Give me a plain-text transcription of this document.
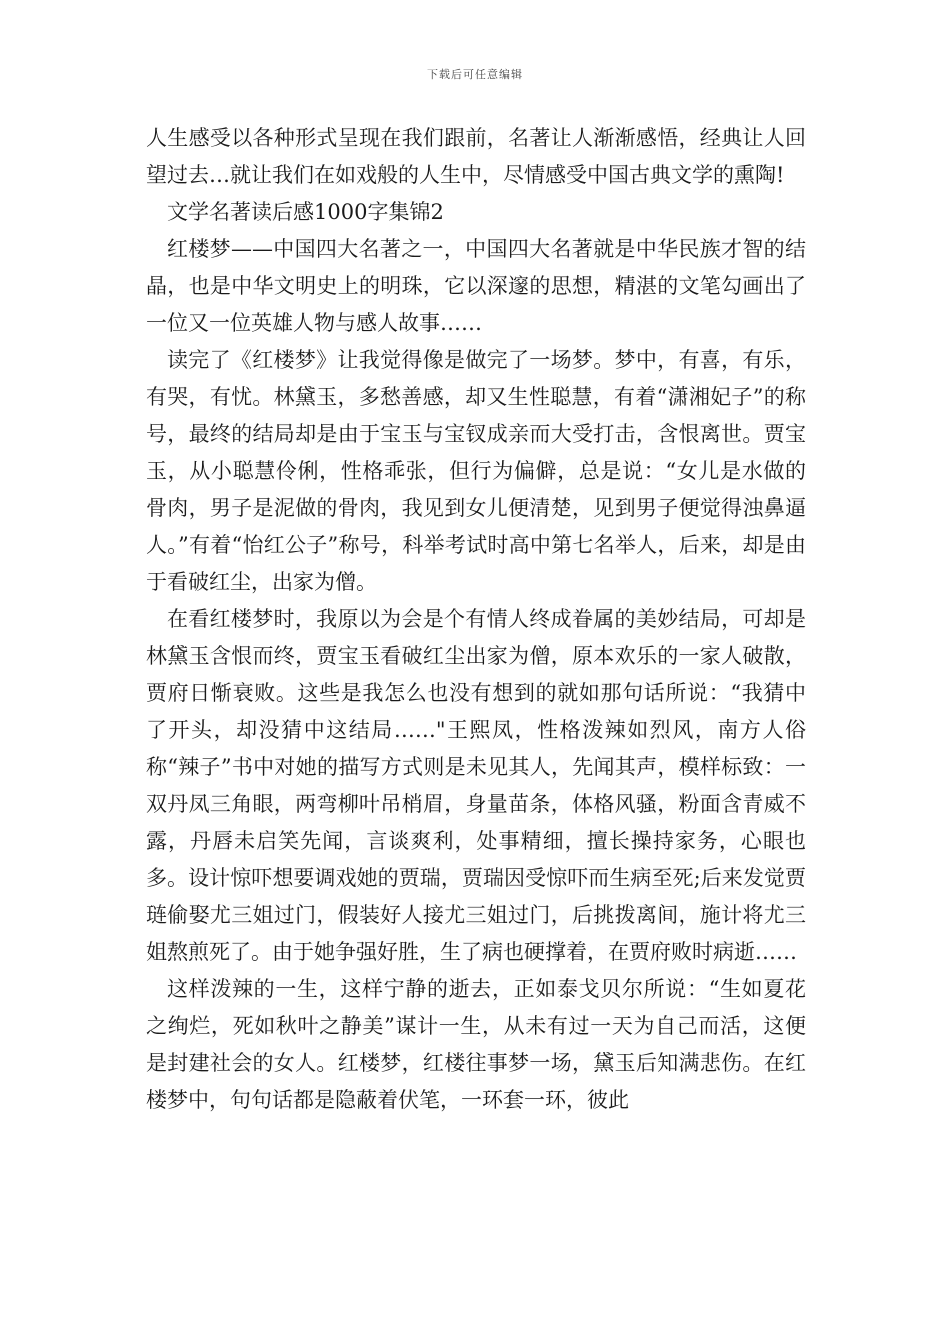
下载后可任意编辑

人生感受以各种形式呈现在我们跟前，名著让人渐渐感悟，经典让人回望过去…就让我们在如戏般的人生中，尽情感受中国古典文学的熏陶!

文学名著读后感1000字集锦2

红楼梦——中国四大名著之一，中国四大名著就是中华民族才智的结晶，也是中华文明史上的明珠，它以深邃的思想，精湛的文笔勾画出了一位又一位英雄人物与感人故事……

读完了《红楼梦》让我觉得像是做完了一场梦。梦中，有喜，有乐，有哭，有忧。林黛玉，多愁善感，却又生性聪慧，有着“潇湘妃子”的称号，最终的结局却是由于宝玉与宝钗成亲而大受打击，含恨离世。贾宝玉，从小聪慧伶俐，性格乖张，但行为偏僻，总是说：“女儿是水做的骨肉，男子是泥做的骨肉，我见到女儿便清楚，见到男子便觉得浊鼻逼人。”有着“怡红公子”称号，科举考试时高中第七名举人，后来，却是由于看破红尘，出家为僧。

在看红楼梦时，我原以为会是个有情人终成眷属的美妙结局，可却是林黛玉含恨而终，贾宝玉看破红尘出家为僧，原本欢乐的一家人破散，贾府日惭衰败。这些是我怎么也没有想到的就如那句话所说：“我猜中了开头，却没猜中这结局……"王熙凤，性格泼辣如烈风，南方人俗称“辣子”书中对她的描写方式则是未见其人，先闻其声，模样标致：一双丹凤三角眼，两弯柳叶吊梢眉，身量苗条，体格风骚，粉面含青威不露，丹唇未启笑先闻，言谈爽利，处事精细，擅长操持家务，心眼也多。设计惊吓想要调戏她的贾瑞，贾瑞因受惊吓而生病至死;后来发觉贾琏偷娶尤三姐过门，假装好人接尤三姐过门，后挑拨离间，施计将尤三姐熬煎死了。由于她争强好胜，生了病也硬撑着，在贾府败时病逝……

这样泼辣的一生，这样宁静的逝去，正如泰戈贝尔所说：“生如夏花之绚烂，死如秋叶之静美”谋计一生，从未有过一天为自己而活，这便是封建社会的女人。红楼梦，红楼往事梦一场，黛玉后知满悲伤。在红楼梦中，句句话都是隐蔽着伏笔，一环套一环，彼此
